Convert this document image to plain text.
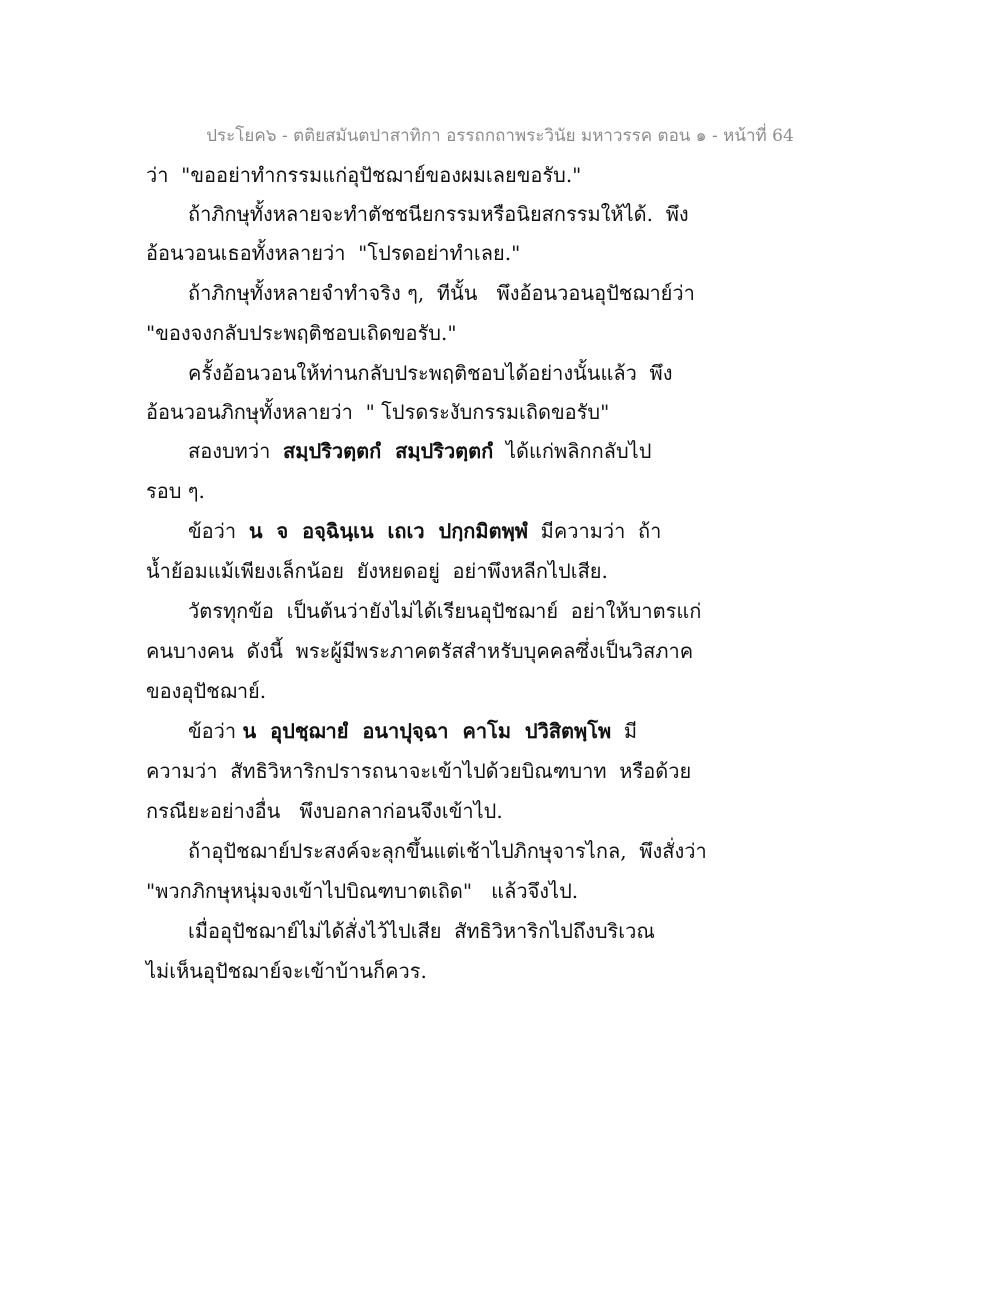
ประโยค๖ - ตติยสมันตปาสาทิกา อรรถกถาพระวินัย มหาวรรค ตอน ๑ - หน้าที่ 64
ว่า  "ขออย่าทำกรรมแก่อุปัชฌาย์ของผมเลยขอรับ."
ถ้าภิกษุทั้งหลายจะทำตัชชนียกรรมหรือนิยสกรรมให้ได้.  พึง
อ้อนวอนเธอทั้งหลายว่า  "โปรดอย่าทำเลย."
ถ้าภิกษุทั้งหลายจำทำจริง ๆ,  ทีนั้น   พึงอ้อนวอนอุปัชฌาย์ว่า
"ของจงกลับประพฤติชอบเถิดขอรับ."
ครั้งอ้อนวอนให้ท่านกลับประพฤติชอบได้อย่างนั้นแล้ว  พึง
อ้อนวอนภิกษุทั้งหลายว่า  " โปรดระงับกรรมเถิดขอรับ"
สองบทว่า  สมฺปริวตฺตกํ  สมฺปริวตฺตกํ  ได้แก่พลิกกลับไป
รอบ ๆ.
ข้อว่า  น  จ  อจฺฉินฺเน  เถเว  ปกฺกมิตพฺพํ  มีความว่า  ถ้า
น้ำย้อมแม้เพียงเล็กน้อย  ยังหยดอยู่  อย่าพึงหลีกไปเสีย.
วัตรทุกข้อ  เป็นต้นว่ายังไม่ได้เรียนอุปัชฌาย์  อย่าให้บาตรแก่
คนบางคน  ดังนี้  พระผู้มีพระภาคตรัสสำหรับบุคคลซึ่งเป็นวิสภาค
ของอุปัชฌาย์.
ข้อว่า น  อุปชฺฌายํ  อนาปุจฺฉา  คาโม  ปวิสิตพฺโพ  มี
ความว่า  สัทธิวิหาริกปรารถนาจะเข้าไปด้วยบิณฑบาท  หรือด้วย
กรณียะอย่างอื่น   พึงบอกลาก่อนจึงเข้าไป.
ถ้าอุปัชฌาย์ประสงค์จะลุกขึ้นแต่เช้าไปภิกษุจารไกล,  พึงสั่งว่า
"พวกภิกษุหนุ่มจงเข้าไปบิณฑบาตเถิด"   แล้วจึงไป.
เมื่ออุปัชฌาย์ไม่ได้สั่งไว้ไปเสีย  สัทธิวิหาริกไปถึงบริเวณ
ไม่เห็นอุปัชฌาย์จะเข้าบ้านก็ควร.
